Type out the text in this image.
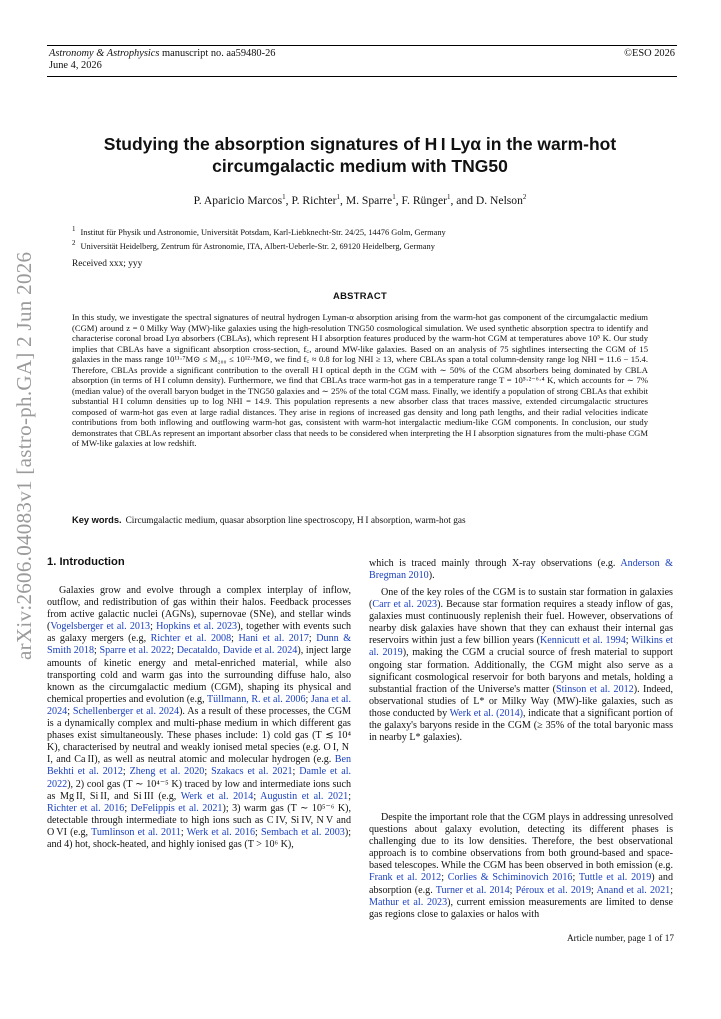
Astronomy & Astrophysics manuscript no. aa59480-26
June 4, 2026
©ESO 2026
arXiv:2606.04083v1 [astro-ph.GA] 2 Jun 2026
Studying the absorption signatures of H I Lyα in the warm-hot circumgalactic medium with TNG50
P. Aparicio Marcos$^1$, P. Richter$^1$, M. Sparre$^1$, F. Rünger$^1$, and D. Nelson$^2$
$^1$ Institut für Physik und Astronomie, Universität Potsdam, Karl-Liebknecht-Str. 24/25, 14476 Golm, Germany
$^2$ Universität Heidelberg, Zentrum für Astronomie, ITA, Albert-Ueberle-Str. 2, 69120 Heidelberg, Germany
Received xxx; yyy
ABSTRACT

In this study, we investigate the spectral signatures of neutral hydrogen Lyman-α absorption arising from the warm-hot gas component of the circumgalactic medium (CGM) around z = 0 Milky Way (MW)-like galaxies using the high-resolution TNG50 cosmological simulation. We used synthetic absorption spectra to identify and characterise coronal broad Lyα absorbers (CBLAs), which represent H I absorption features produced by the warm-hot CGM at temperatures above 10⁵ K. Our study implies that CBLAs have a significant absorption cross-section, f꜀, around MW-like galaxies. Based on an analysis of 75 sightlines intersecting the CGM of 15 galaxies in the mass range 10¹¹·⁷M⊙ ≤ M₂₀₀ ≤ 10¹²·³M⊙, we find f꜀ ≈ 0.8 for log NHI ≥ 13, where CBLAs span a total column-density range log NHI = 11.6 − 15.4. Therefore, CBLAs provide a significant contribution to the overall H I optical depth in the CGM with ∼ 50% of the CGM absorbers being dominated by CBLA absorption (in terms of H I column density). Furthermore, we find that CBLAs trace warm-hot gas in a temperature range T = 10⁵·²⁻⁶·⁴ K, which accounts for ∼ 7% (median value) of the overall baryon budget in the TNG50 galaxies and ∼ 25% of the total CGM mass. Finally, we identify a population of strong CBLAs that exhibit substantial H I column densities up to log NHI = 14.9. This population represents a new absorber class that traces massive, extended circumgalactic structures composed of warm-hot gas even at large radial distances. They arise in regions of increased gas density and long path lengths, and their radial velocities indicate contributions from both inflowing and outflowing warm-hot gas, consistent with warm-hot intergalactic medium-like CGM components. In conclusion, our study demonstrates that CBLAs represent an important absorber class that needs to be considered when interpreting the H I absorption signatures from the multi-phase CGM of MW-like galaxies at low redshift.

Key words. Circumgalactic medium, quasar absorption line spectroscopy, H I absorption, warm-hot gas
1. Introduction

Galaxies grow and evolve through a complex interplay of inflow, outflow, and redistribution of gas within their halos. Feedback processes from active galactic nuclei (AGNs), supernovae (SNe), and stellar winds (Vogelsberger et al. 2013; Hopkins et al. 2023), together with events such as galaxy mergers (e.g, Richter et al. 2008; Hani et al. 2017; Dunn & Smith 2018; Sparre et al. 2022; Decataldo, Davide et al. 2024), inject large amounts of kinetic energy and metal-enriched material, while also transporting cold and warm gas into the surrounding diffuse halo, also known as the circumgalactic medium (CGM), shaping its physical and chemical properties and evolution (e.g, Tüllmann, R. et al. 2006; Jana et al. 2024; Schellenberger et al. 2024). As a result of these processes, the CGM is a dynamically complex and multi-phase medium in which different gas phases exist simultaneously. These phases include: 1) cold gas (T ≲ 10⁴ K), characterised by neutral and weakly ionised metal species (e.g. O I, N I, and Ca II), as well as neutral atomic and molecular hydrogen (e.g. Ben Bekhti et al. 2012; Zheng et al. 2020; Szakacs et al. 2021; Damle et al. 2022), 2) cool gas (T ∼ 10⁴⁻⁵ K) traced by low and intermediate ions such as Mg II, Si II, and Si III (e.g, Werk et al. 2014; Augustin et al. 2021; Richter et al. 2016; DeFelippis et al. 2021); 3) warm gas (T ∼ 10⁵⁻⁶ K), detectable through intermediate to high ions such as C IV, Si IV, N V and O VI (e.g, Tumlinson et al. 2011; Werk et al. 2016; Sembach et al. 2003); and 4) hot, shock-heated, and highly ionised gas (T > 10⁶ K),

which is traced mainly through X-ray observations (e.g. Anderson & Bregman 2010).

One of the key roles of the CGM is to sustain star formation in galaxies (Carr et al. 2023). Because star formation requires a steady inflow of gas, galaxies must continuously replenish their fuel. However, observations of nearby disk galaxies have shown that they can exhaust their internal gas reservoirs within just a few billion years (Kennicutt et al. 1994; Wilkins et al. 2019), making the CGM a crucial source of fresh material to support ongoing star formation. Additionally, the CGM might also serve as a significant cosmological reservoir for both baryons and metals, holding a substantial fraction of the Universe's matter (Stinson et al. 2012). Indeed, observational studies of L* or Milky Way (MW)-like galaxies, such as those conducted by Werk et al. (2014), indicate that a significant portion of the galaxy's baryons reside in the CGM (≥ 35% of the total baryonic mass in nearby L* galaxies).

Despite the important role that the CGM plays in addressing unresolved questions about galaxy evolution, detecting its different phases is challenging due to its low densities. Therefore, the best observational approach is to combine observations from both ground-based and space-based telescopes. While the CGM has been observed in both emission (e.g. Frank et al. 2012; Corlies & Schiminovich 2016; Tuttle et al. 2019) and absorption (e.g. Turner et al. 2014; Péroux et al. 2019; Anand et al. 2021; Mathur et al. 2023), current emission measurements are limited to dense gas regions close to galaxies or halos with

Article number, page 1 of 17
